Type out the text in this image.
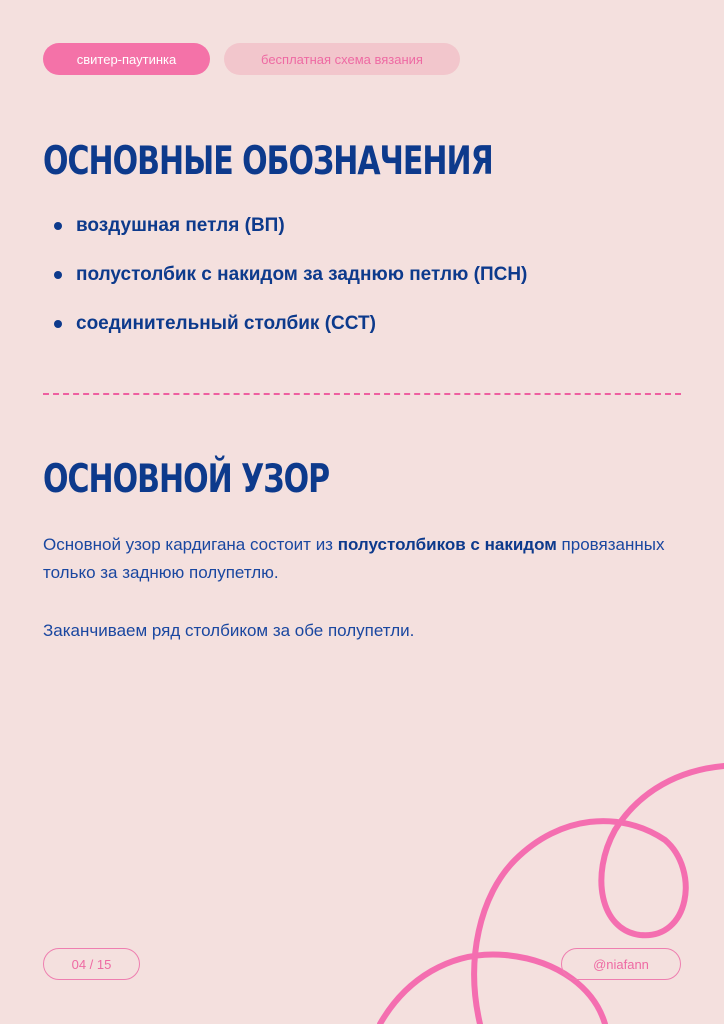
свитер-паутинка	бесплатная схема вязания
ОСНОВНЫЕ ОБОЗНАЧЕНИЯ
воздушная петля (ВП)
полустолбик с накидом за заднюю петлю (ПСН)
соединительный столбик (ССТ)
ОСНОВНОЙ УЗОР

Основной узор кардигана состоит из полустолбиков с накидом провязанных только за заднюю полупетлю.

Заканчиваем ряд столбиком за обе полупетли.

04 / 15	@niafann
